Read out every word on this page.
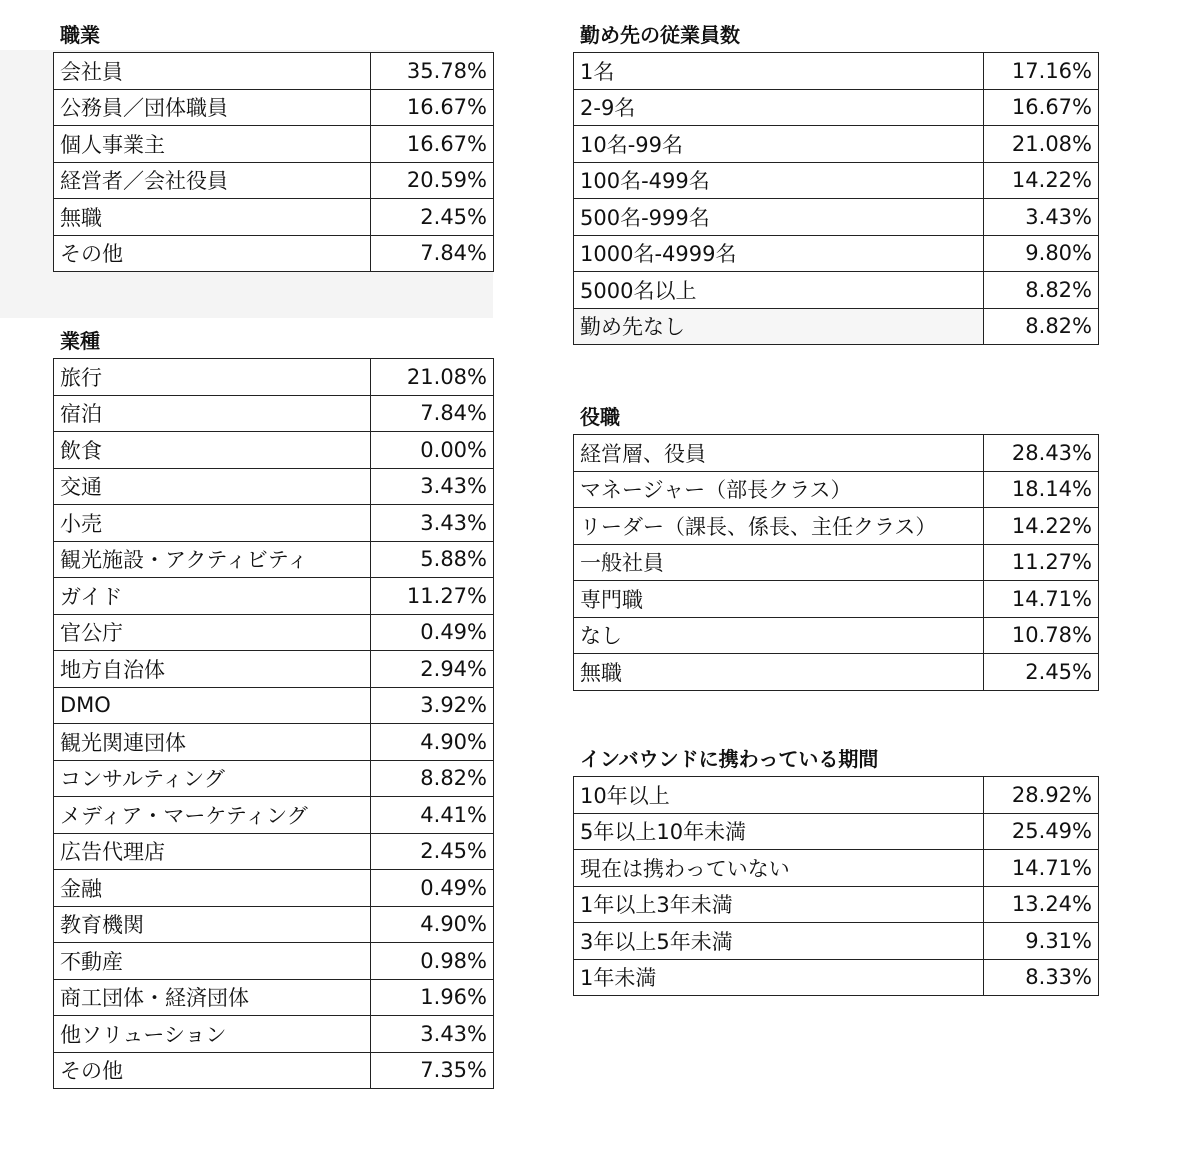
職業
会社員	35.78%
公務員／団体職員	16.67%
個人事業主	16.67%
経営者／会社役員	20.59%
無職	2.45%
その他	7.84%
業種
旅行	21.08%
宿泊	7.84%
飲食	0.00%
交通	3.43%
小売	3.43%
観光施設・アクティビティ	5.88%
ガイド	11.27%
官公庁	0.49%
地方自治体	2.94%
DMO	3.92%
観光関連団体	4.90%
コンサルティング	8.82%
メディア・マーケティング	4.41%
広告代理店	2.45%
金融	0.49%
教育機関	4.90%
不動産	0.98%
商工団体・経済団体	1.96%
他ソリューション	3.43%
その他	7.35%
勤め先の従業員数
1名	17.16%
2-9名	16.67%
10名-99名	21.08%
100名-499名	14.22%
500名-999名	3.43%
1000名-4999名	9.80%
5000名以上	8.82%
勤め先なし	8.82%
役職
経営層、役員	28.43%
マネージャー（部長クラス）	18.14%
リーダー（課長、係長、主任クラス）	14.22%
一般社員	11.27%
専門職	14.71%
なし	10.78%
無職	2.45%
インバウンドに携わっている期間
10年以上	28.92%
5年以上10年未満	25.49%
現在は携わっていない	14.71%
1年以上3年未満	13.24%
3年以上5年未満	9.31%
1年未満	8.33%
